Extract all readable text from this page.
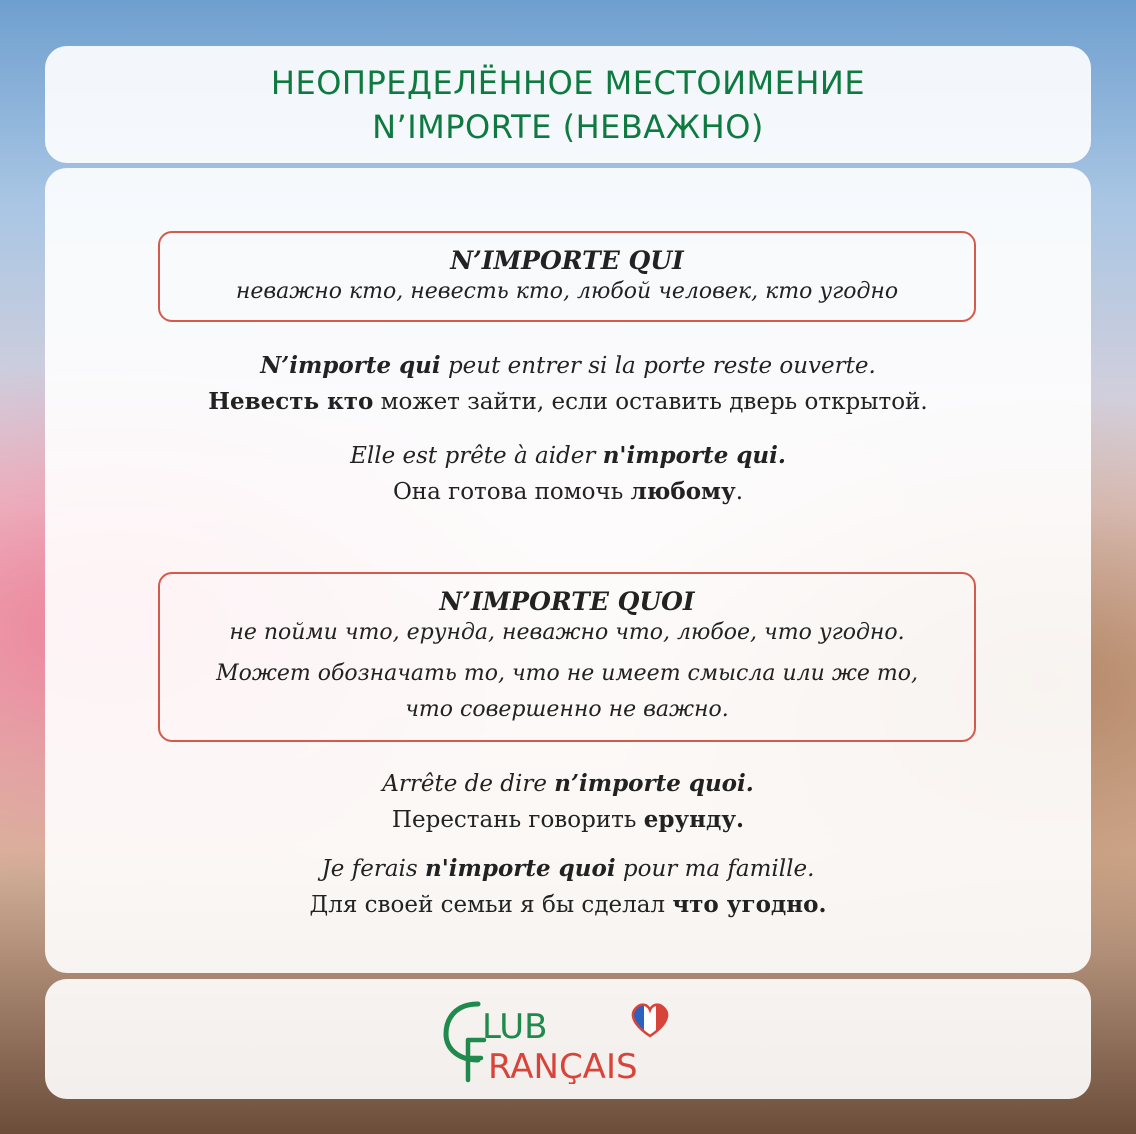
НЕОПРЕДЕЛЁННОЕ МЕСТОИМЕНИЕ
N’IMPORTE (НЕВАЖНО)
N’IMPORTE QUI
неважно кто, невесть кто, любой человек, кто угодно
N’importe qui peut entrer si la porte reste ouverte.
Невесть кто может зайти, если оставить дверь открытой.
Elle est prête à aider n'importe qui.
Она готова помочь любому.
N’IMPORTE QUOI
не пойми что, ерунда, неважно что, любое, что угодно.
Может обозначать то, что не имеет смысла или же то,
что совершенно не важно.
Arrête de dire n’importe quoi.
Перестань говорить ерунду.
Je ferais n'importe quoi pour ma famille.
Для своей семьи я бы сделал что угодно.
LUB
RANÇAIS
